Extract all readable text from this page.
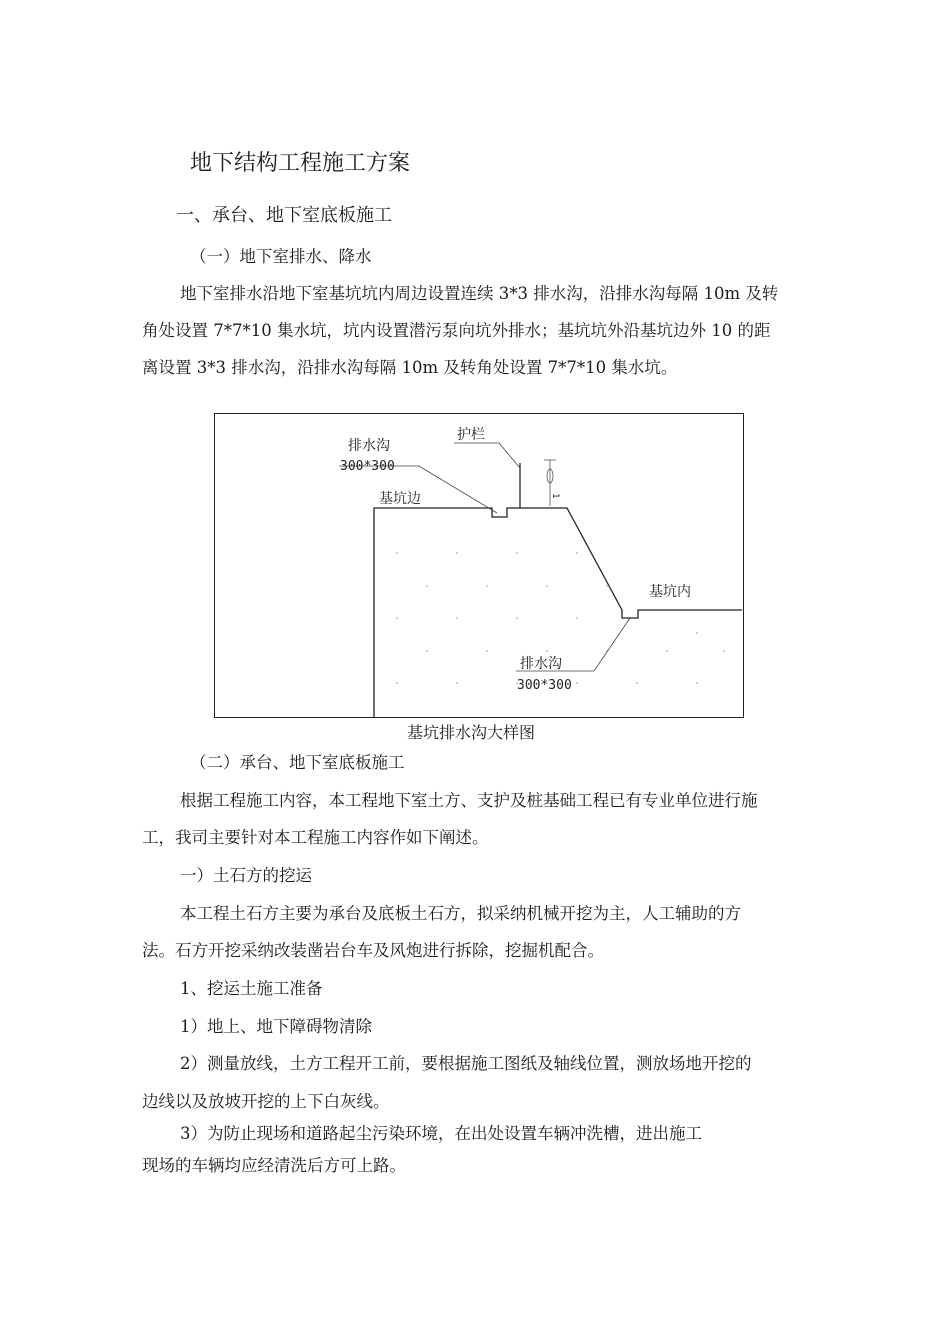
地下结构工程施工方案
一、承台、地下室底板施工
（一）地下室排水、降水
地下室排水沿地下室基坑坑内周边设置连续 3*3 排水沟，沿排水沟每隔 10m 及转
角处设置 7*7*10 集水坑，坑内设置潜污泵向坑外排水；基坑坑外沿基坑边外 10 的距
离设置 3*3 排水沟，沿排水沟每隔 10m 及转角处设置 7*7*10 集水坑。
1
排水沟
300*300
护栏
基坑边
基坑内
排水沟
300*300
基坑排水沟大样图
（二）承台、地下室底板施工
根据工程施工内容，本工程地下室土方、支护及桩基础工程已有专业单位进行施
工，我司主要针对本工程施工内容作如下阐述。
一）土石方的挖运
本工程土石方主要为承台及底板土石方，拟采纳机械开挖为主，人工辅助的方
法。石方开挖采纳改装凿岩台车及风炮进行拆除，挖掘机配合。
1、挖运土施工准备
1）地上、地下障碍物清除
2）测量放线，土方工程开工前，要根据施工图纸及轴线位置，测放场地开挖的
边线以及放坡开挖的上下白灰线。
3）为防止现场和道路起尘污染环境，在出处设置车辆冲洗槽，进出施工
现场的车辆均应经清洗后方可上路。
